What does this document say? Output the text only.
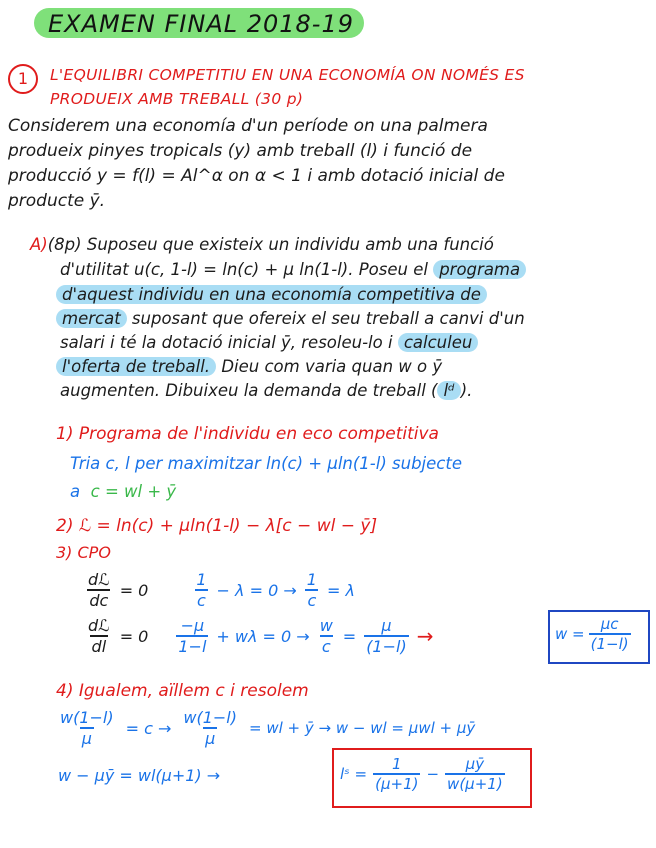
EXAMEN FINAL 2018-19
1	L'EQUILIBRI COMPETITIU EN UNA ECONOMÍA ON NOMÉS ES
PRODUEIX AMB TREBALL (30 p)
Considerem una economía d'un període on una palmera
produeix pinyes tropicals (y) amb treball (l) i funció de
producció y = f(l) = Al^α on α < 1 i amb dotació inicial de
producte ȳ.
A)(8p) Suposeu que existeix un individu amb una funció
d'utilitat u(c, 1-l) = ln(c) + μ ln(1-l). Poseu el programa
d'aquest individu en una economía competitiva de
mercat suposant que ofereix el seu treball a canvi d'un
salari i té la dotació inicial ȳ, resoleu-lo i calculeu
l'oferta de treball. Dieu com varia quan w o ȳ
augmenten. Dibuixeu la demanda de treball ( lᵈ ).
1) Programa de l'individu en eco competitiva
Tria c, l per maximitzar ln(c) + μln(1-l) subjecte
a c = wl + ȳ
2) ℒ = ln(c) + μln(1-l) − λ[c − wl − ȳ]
3) CPO
$\frac{\text{dℒ}}{dc} = 0$	$\frac{1}{c} - \lambda = 0 \to \frac{1}{c} = \lambda$
$\frac{\text{dℒ}}{dl} = 0 \frac{-\mu}{1-l} + w\lambda = 0 \to \frac{w}{c} = \frac{\mu}{(1-l)}$ →	$w = \frac{\mu c}{(1-l)}$
4) Igualem, aïllem c i resolem
$\frac{w(1-l)}{\mu} = c \to \frac{w(1-l)}{\mu}$ = wl + ȳ → w − wl = μwl + μȳ
w − μȳ = wl(μ+1) →	lˢ = $\frac{1}{(\mu+1)} - \frac{\mu ȳ}{w(\mu+1)}$
